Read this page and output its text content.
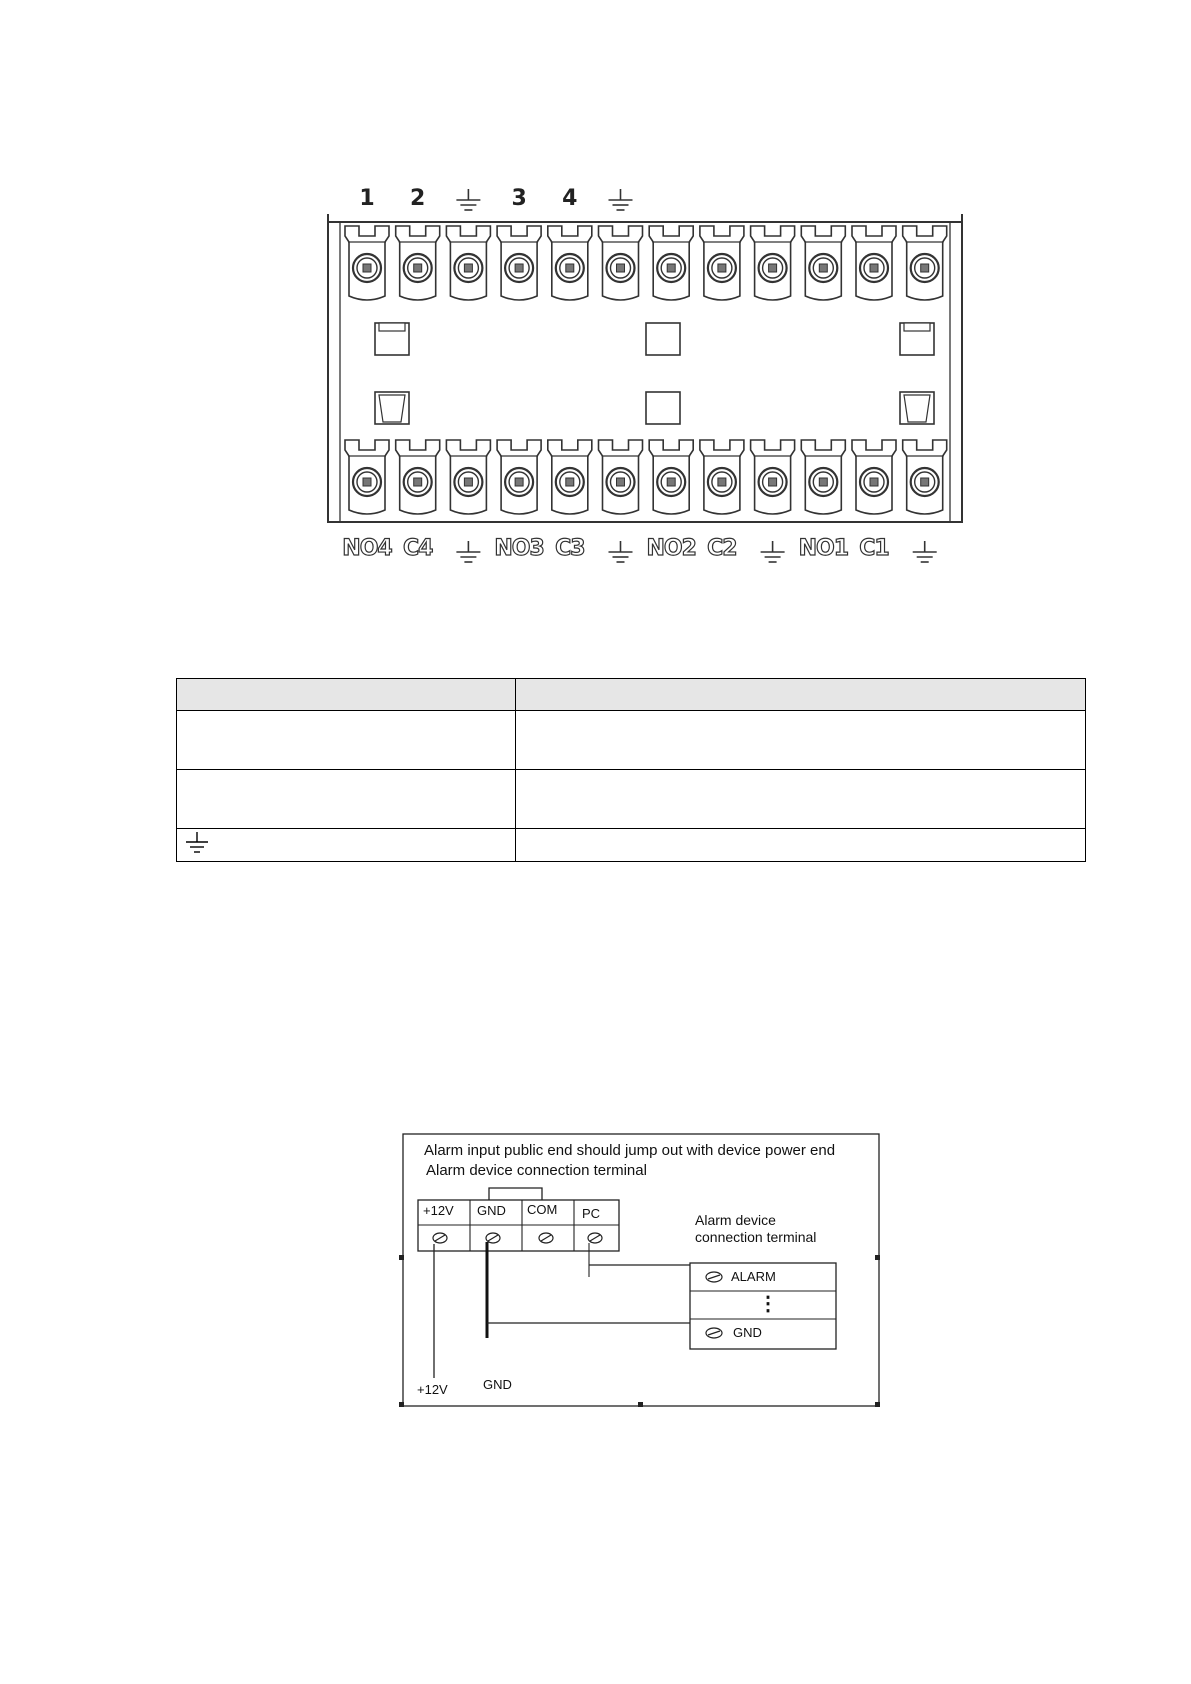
1	2	3	4
NO4 C4	NO3 C3	NO2 C2	NO1 C1

Alarm input public end should jump out with device power end
Alarm device connection terminal
+12V GND COM PC	Alarm device
connection terminal
ALARM
⋮
GND
+12V	GND
